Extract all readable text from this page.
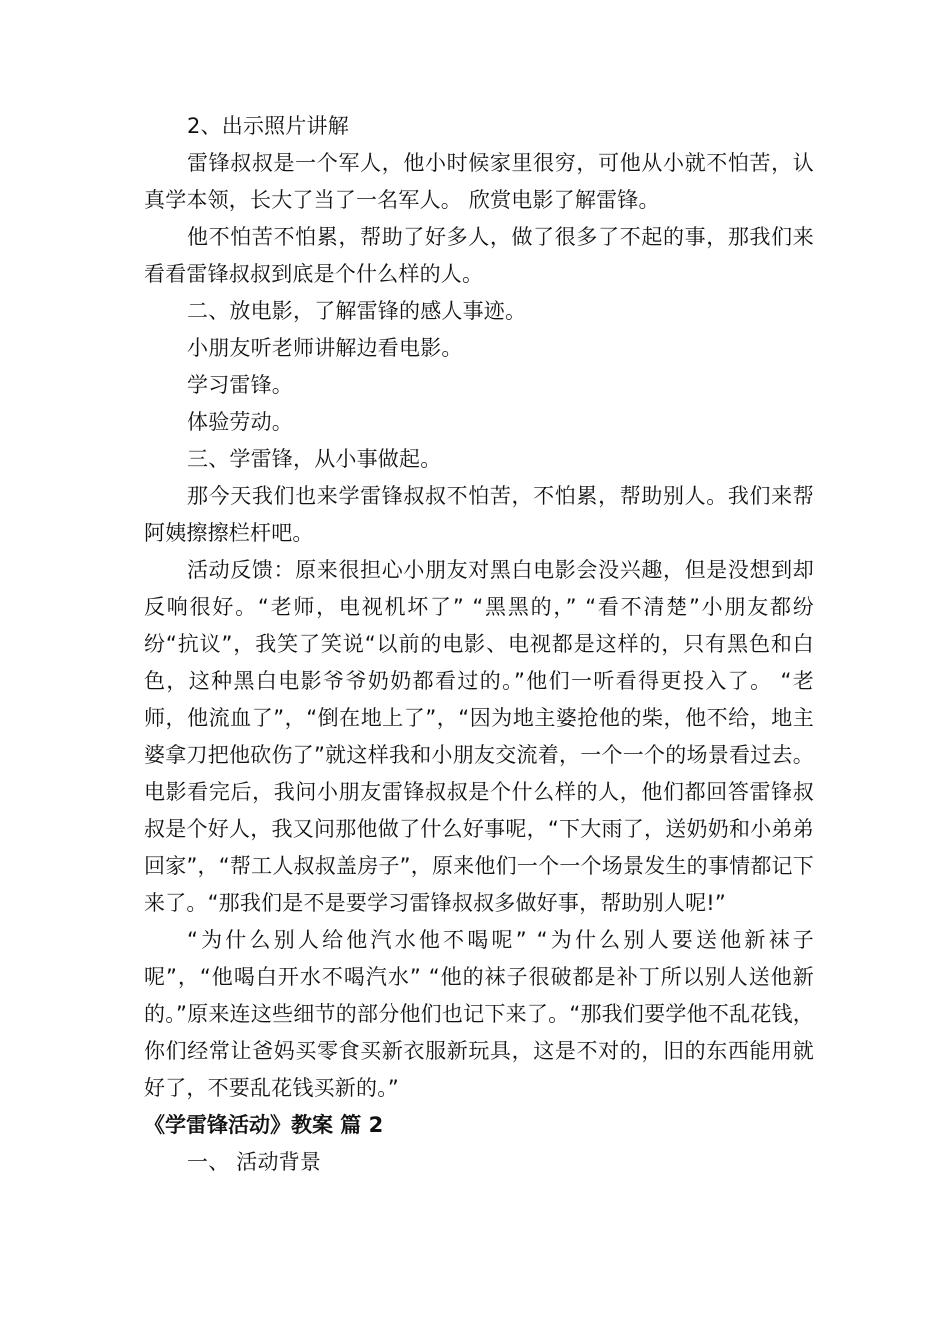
2、出示照片讲解

雷锋叔叔是一个军人，他小时候家里很穷，可他从小就不怕苦，认真学本领，长大了当了一名军人。 欣赏电影了解雷锋。

他不怕苦不怕累，帮助了好多人，做了很多了不起的事，那我们来看看雷锋叔叔到底是个什么样的人。

二、放电影，了解雷锋的感人事迹。

小朋友听老师讲解边看电影。

学习雷锋。

体验劳动。

三、学雷锋，从小事做起。

那今天我们也来学雷锋叔叔不怕苦，不怕累，帮助别人。我们来帮阿姨擦擦栏杆吧。

活动反馈：原来很担心小朋友对黑白电影会没兴趣，但是没想到却反响很好。“老师，电视机坏了” “黑黑的，” “看不清楚”小朋友都纷纷“抗议”，我笑了笑说“以前的电影、电视都是这样的，只有黑色和白色，这种黑白电影爷爷奶奶都看过的。”他们一听看得更投入了。 “老师，他流血了”，“倒在地上了”，“因为地主婆抢他的柴，他不给，地主婆拿刀把他砍伤了”就这样我和小朋友交流着，一个一个的场景看过去。电影看完后，我问小朋友雷锋叔叔是个什么样的人，他们都回答雷锋叔叔是个好人，我又问那他做了什么好事呢，“下大雨了，送奶奶和小弟弟回家”，“帮工人叔叔盖房子”，原来他们一个一个场景发生的事情都记下来了。“那我们是不是要学习雷锋叔叔多做好事，帮助别人呢!”

“为什么别人给他汽水他不喝呢” “为什么别人要送他新袜子呢”，“他喝白开水不喝汽水” “他的袜子很破都是补丁所以别人送他新的。”原来连这些细节的部分他们也记下来了。“那我们要学他不乱花钱，你们经常让爸妈买零食买新衣服新玩具，这是不对的，旧的东西能用就好了，不要乱花钱买新的。”

《学雷锋活动》教案 篇 2

一、 活动背景
